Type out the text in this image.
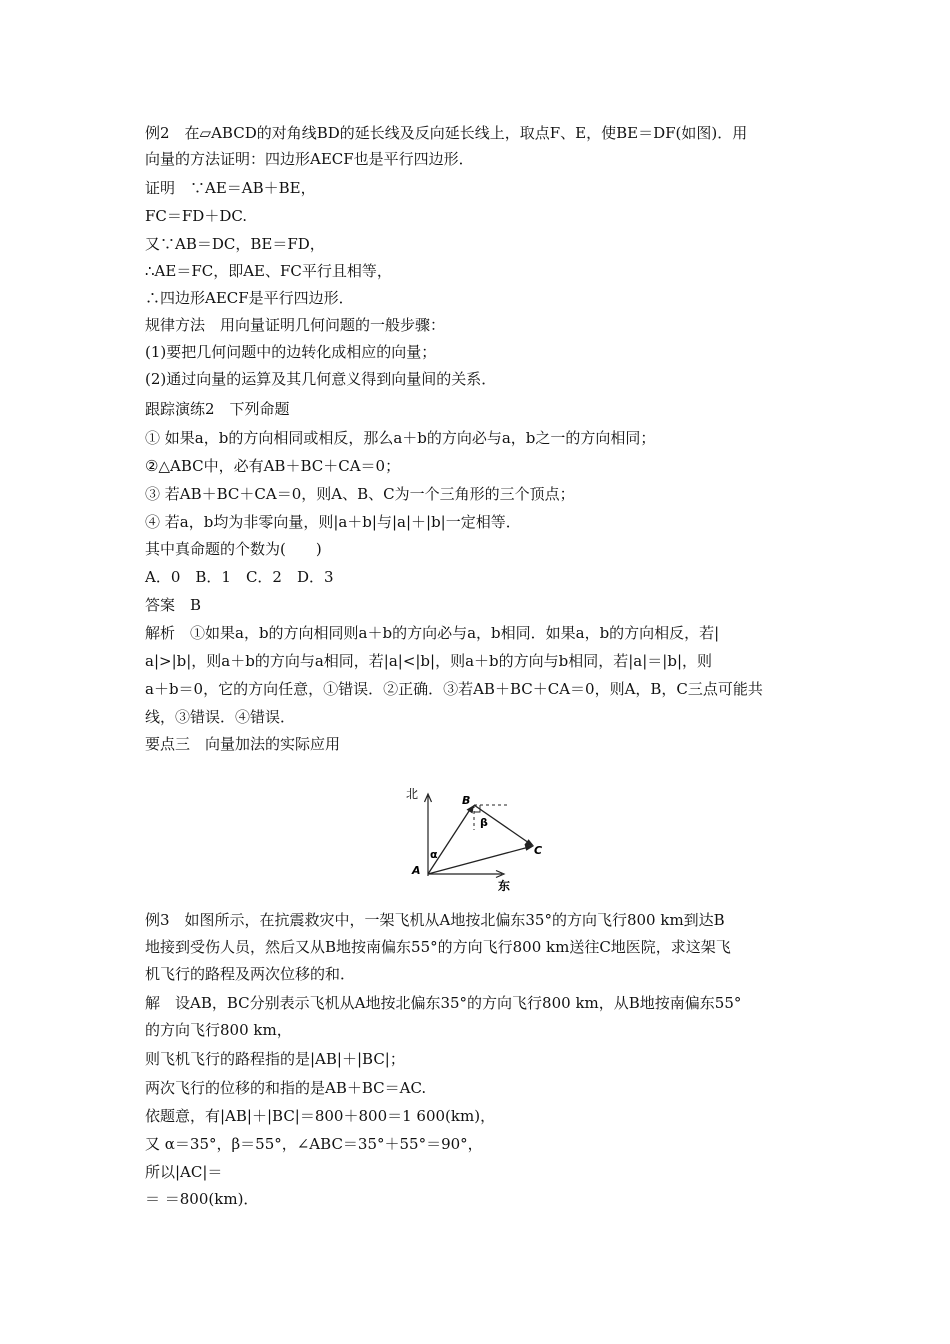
例2　在▱ABCD的对角线BD的延长线及反向延长线上，取点F、E，使BE＝DF(如图)．用
向量的方法证明：四边形AECF也是平行四边形．
证明　∵AE＝AB＋BE，
FC＝FD＋DC.
又∵AB＝DC，BE＝FD，
∴AE＝FC，即AE、FC平行且相等，
∴四边形AECF是平行四边形．
规律方法　用向量证明几何问题的一般步骤：
(1)要把几何问题中的边转化成相应的向量；
(2)通过向量的运算及其几何意义得到向量间的关系．
跟踪演练2　下列命题
① 如果a，b的方向相同或相反，那么a＋b的方向必与a，b之一的方向相同；
②△ABC中，必有AB＋BC＋CA＝0；
③ 若AB＋BC＋CA＝0，则A、B、C为一个三角形的三个顶点；
④ 若a，b均为非零向量，则|a＋b|与|a|＋|b|一定相等．
其中真命题的个数为(　　)
A．0　B．1　C．2　D．3
答案　B
解析　①如果a，b的方向相同则a＋b的方向必与a，b相同．如果a，b的方向相反，若|
a|>|b|，则a＋b的方向与a相同，若|a|<|b|，则a＋b的方向与b相同，若|a|＝|b|，则
a＋b＝0，它的方向任意，①错误．②正确．③若AB＋BC＋CA＝0，则A，B，C三点可能共
线，③错误．④错误．
要点三　向量加法的实际应用
北
东
A
B
C
α
β
例3　如图所示，在抗震救灾中，一架飞机从A地按北偏东35°的方向飞行800 km到达B
地接到受伤人员，然后又从B地按南偏东55°的方向飞行800 km送往C地医院，求这架飞
机飞行的路程及两次位移的和．
解　设AB，BC分别表示飞机从A地按北偏东35°的方向飞行800 km，从B地按南偏东55°
的方向飞行800 km，
则飞机飞行的路程指的是|AB|＋|BC|；
两次飞行的位移的和指的是AB＋BC＝AC.
依题意，有|AB|＋|BC|＝800＋800＝1 600(km)，
又 α＝35°，β＝55°，∠ABC＝35°＋55°＝90°，
所以|AC|＝
＝ ＝800(km)．
